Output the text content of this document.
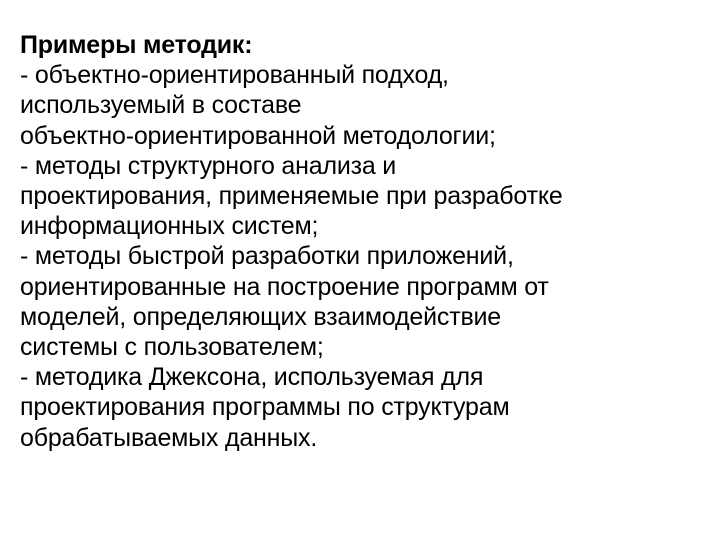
Примеры методик:
- объектно-ориентированный подход,
используемый в составе
объектно-ориентированной методологии;
- методы структурного анализа и
проектирования, применяемые при разработке
информационных систем;
- методы быстрой разработки приложений,
ориентированные на построение программ от
моделей, определяющих взаимодействие
системы с пользователем;
- методика Джексона, используемая для
проектирования программы по структурам
обрабатываемых данных.
